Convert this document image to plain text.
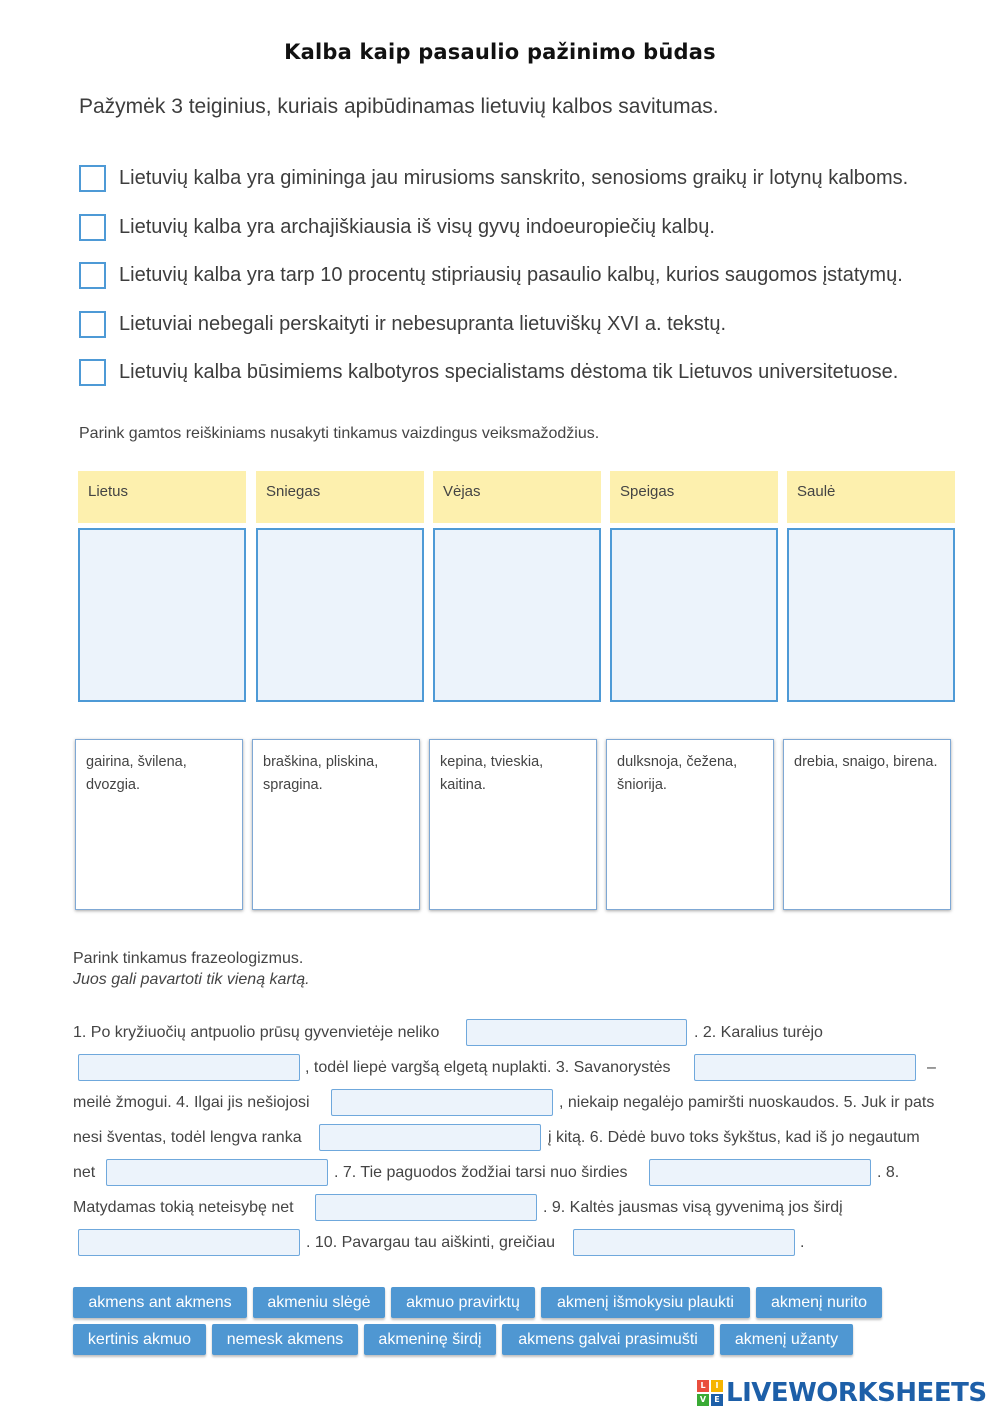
Kalba kaip pasaulio pažinimo būdas
Pažymėk 3 teiginius, kuriais apibūdinamas lietuvių kalbos savitumas.
Lietuvių kalba yra gimininga jau mirusioms sanskrito, senosioms graikų ir lotynų kalboms.
Lietuvių kalba yra archajiškiausia iš visų gyvų indoeuropiečių kalbų.
Lietuvių kalba yra tarp 10 procentų stipriausių pasaulio kalbų, kurios saugomos įstatymų.
Lietuviai nebegali perskaityti ir nebesupranta lietuviškų XVI a. tekstų.
Lietuvių kalba būsimiems kalbotyros specialistams dėstoma tik Lietuvos universitetuose.
Parink gamtos reiškiniams nusakyti tinkamus vaizdingus veiksmažodžius.
Lietus	Sniegas	Vėjas	Speigas	Saulė
gairina, švilena, dvozgia.
braškina, pliskina, spragina.
kepina, tvieskia, kaitina.
dulksnoja, čežena, šniorija.
drebia, snaigo, birena.
Parink tinkamus frazeologizmus.
Juos gali pavartoti tik vieną kartą.
1. Po kryžiuočių antpuolio prūsų gyvenvietėje neliko	. 2. Karalius turėjo
, todėl liepė vargšą elgetą nuplakti. 3. Savanorystės	–
meilė žmogui. 4. Ilgai jis nešiojosi	, niekaip negalėjo pamiršti nuoskaudos. 5. Juk ir pats
nesi šventas, todėl lengva ranka	į kitą. 6. Dėdė buvo toks šykštus, kad iš jo negautum
net	. 7. Tie paguodos žodžiai tarsi nuo širdies	. 8.
Matydamas tokią neteisybę net	. 9. Kaltės jausmas visą gyvenimą jos širdį
. 10. Pavargau tau aiškinti, greičiau	.
akmens ant akmens	akmeniu slėgė	akmuo pravirktų	akmenį išmokysiu plaukti	akmenį nurito
kertinis akmuo	nemesk akmens	akmeninę širdį	akmens galvai prasimušti	akmenį užanty
L	I
V	E LIVEWORKSHEETS
